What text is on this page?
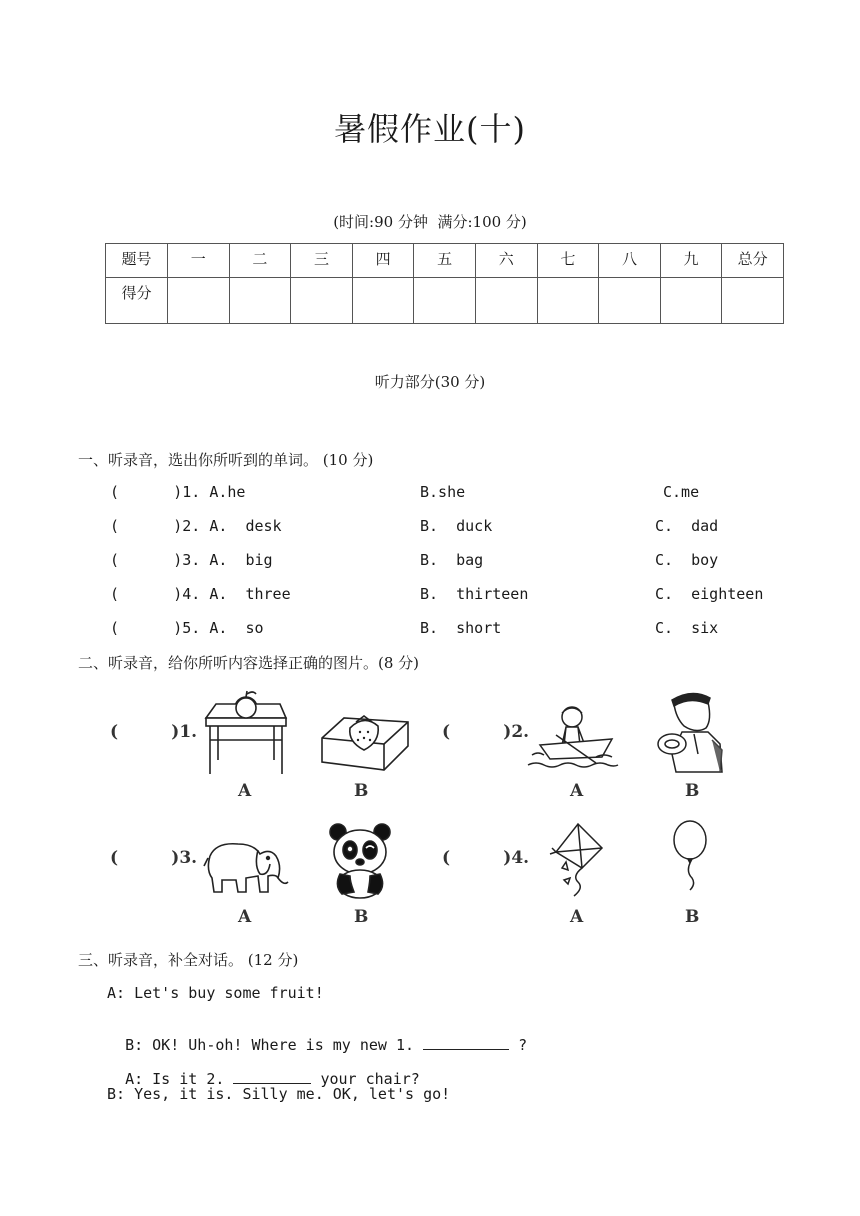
暑假作业(十)
(时间:90 分钟  满分:100 分)
题号	一	二	三	四	五	六	七	八	九	总分
得分										
听力部分(30 分)
一、听录音，选出你所听到的单词。 (10 分)
(      )1. A.he	B.she	C.me
(      )2. A.  desk	B.  duck	C.  dad
(      )3. A.  big	B.  bag	C.  boy
(      )4. A.  three	B.  thirteen	C.  eighteen
(      )5. A.  so	B.  short	C.  six
二、听录音，给你所听内容选择正确的图片。(8 分)
(         )1.	(         )2.
(         )3.	(         )4.
A	B	A	B
A	B	A	B
三、听录音，补全对话。 (12 分)
A: Let's buy some fruit!

B: OK! Uh-oh! Where is my new 1.	?

A: Is it 2.	your chair?

B: Yes, it is. Silly me. OK, let's go!
